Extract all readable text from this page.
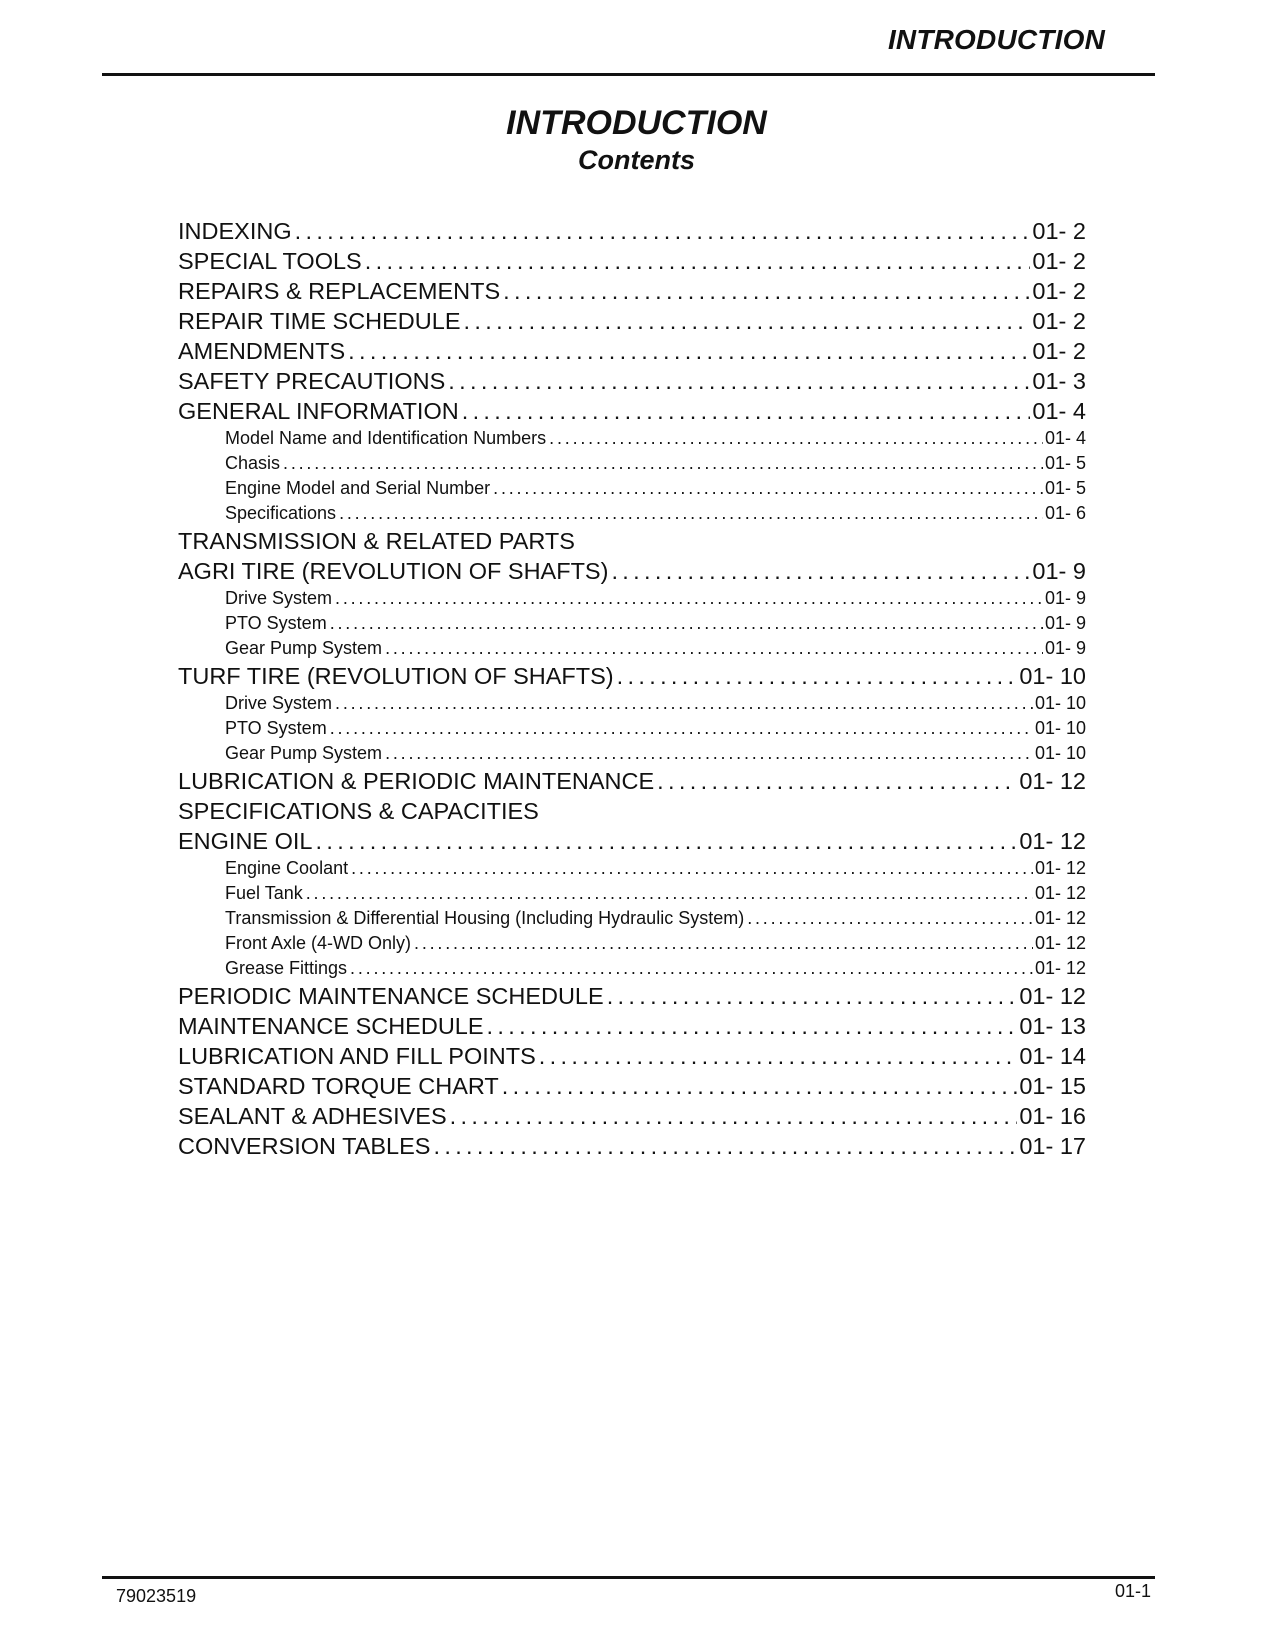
INTRODUCTION
INTRODUCTION
Contents
INDEXING . . .	01- 2
SPECIAL TOOLS . . .	01- 2
REPAIRS & REPLACEMENTS . . .	01- 2
REPAIR TIME SCHEDULE . . .	01- 2
AMENDMENTS . . .	01- 2
SAFETY PRECAUTIONS . . .	01- 3
GENERAL INFORMATION . . .	01- 4
Model Name and Identification Numbers . . .	01- 4
Chasis . . .	01- 5
Engine Model and Serial Number . . .	01- 5
Specifications . . .	01- 6
TRANSMISSION & RELATED PARTS
AGRI TIRE (REVOLUTION OF SHAFTS) . . .	01- 9
Drive System . . .	01- 9
PTO System . . .	01- 9
Gear Pump System . . .	01- 9
TURF TIRE (REVOLUTION OF SHAFTS) . . .	01- 10
Drive System . . .	01- 10
PTO System . . .	01- 10
Gear Pump System . . .	01- 10
LUBRICATION & PERIODIC MAINTENANCE . . .	01- 12
SPECIFICATIONS & CAPACITIES
ENGINE OIL . . .	01- 12
Engine Coolant . . .	01- 12
Fuel Tank . . .	01- 12
Transmission & Differential Housing (Including Hydraulic System) . . .	01- 12
Front Axle (4-WD Only) . . .	01- 12
Grease Fittings . . .	01- 12
PERIODIC MAINTENANCE SCHEDULE . . .	01- 12
MAINTENANCE SCHEDULE . . .	01- 13
LUBRICATION AND FILL POINTS . . .	01- 14
STANDARD TORQUE CHART . . .	01- 15
SEALANT & ADHESIVES . . .	01- 16
CONVERSION TABLES . . .	01- 17
79023519	01-1
